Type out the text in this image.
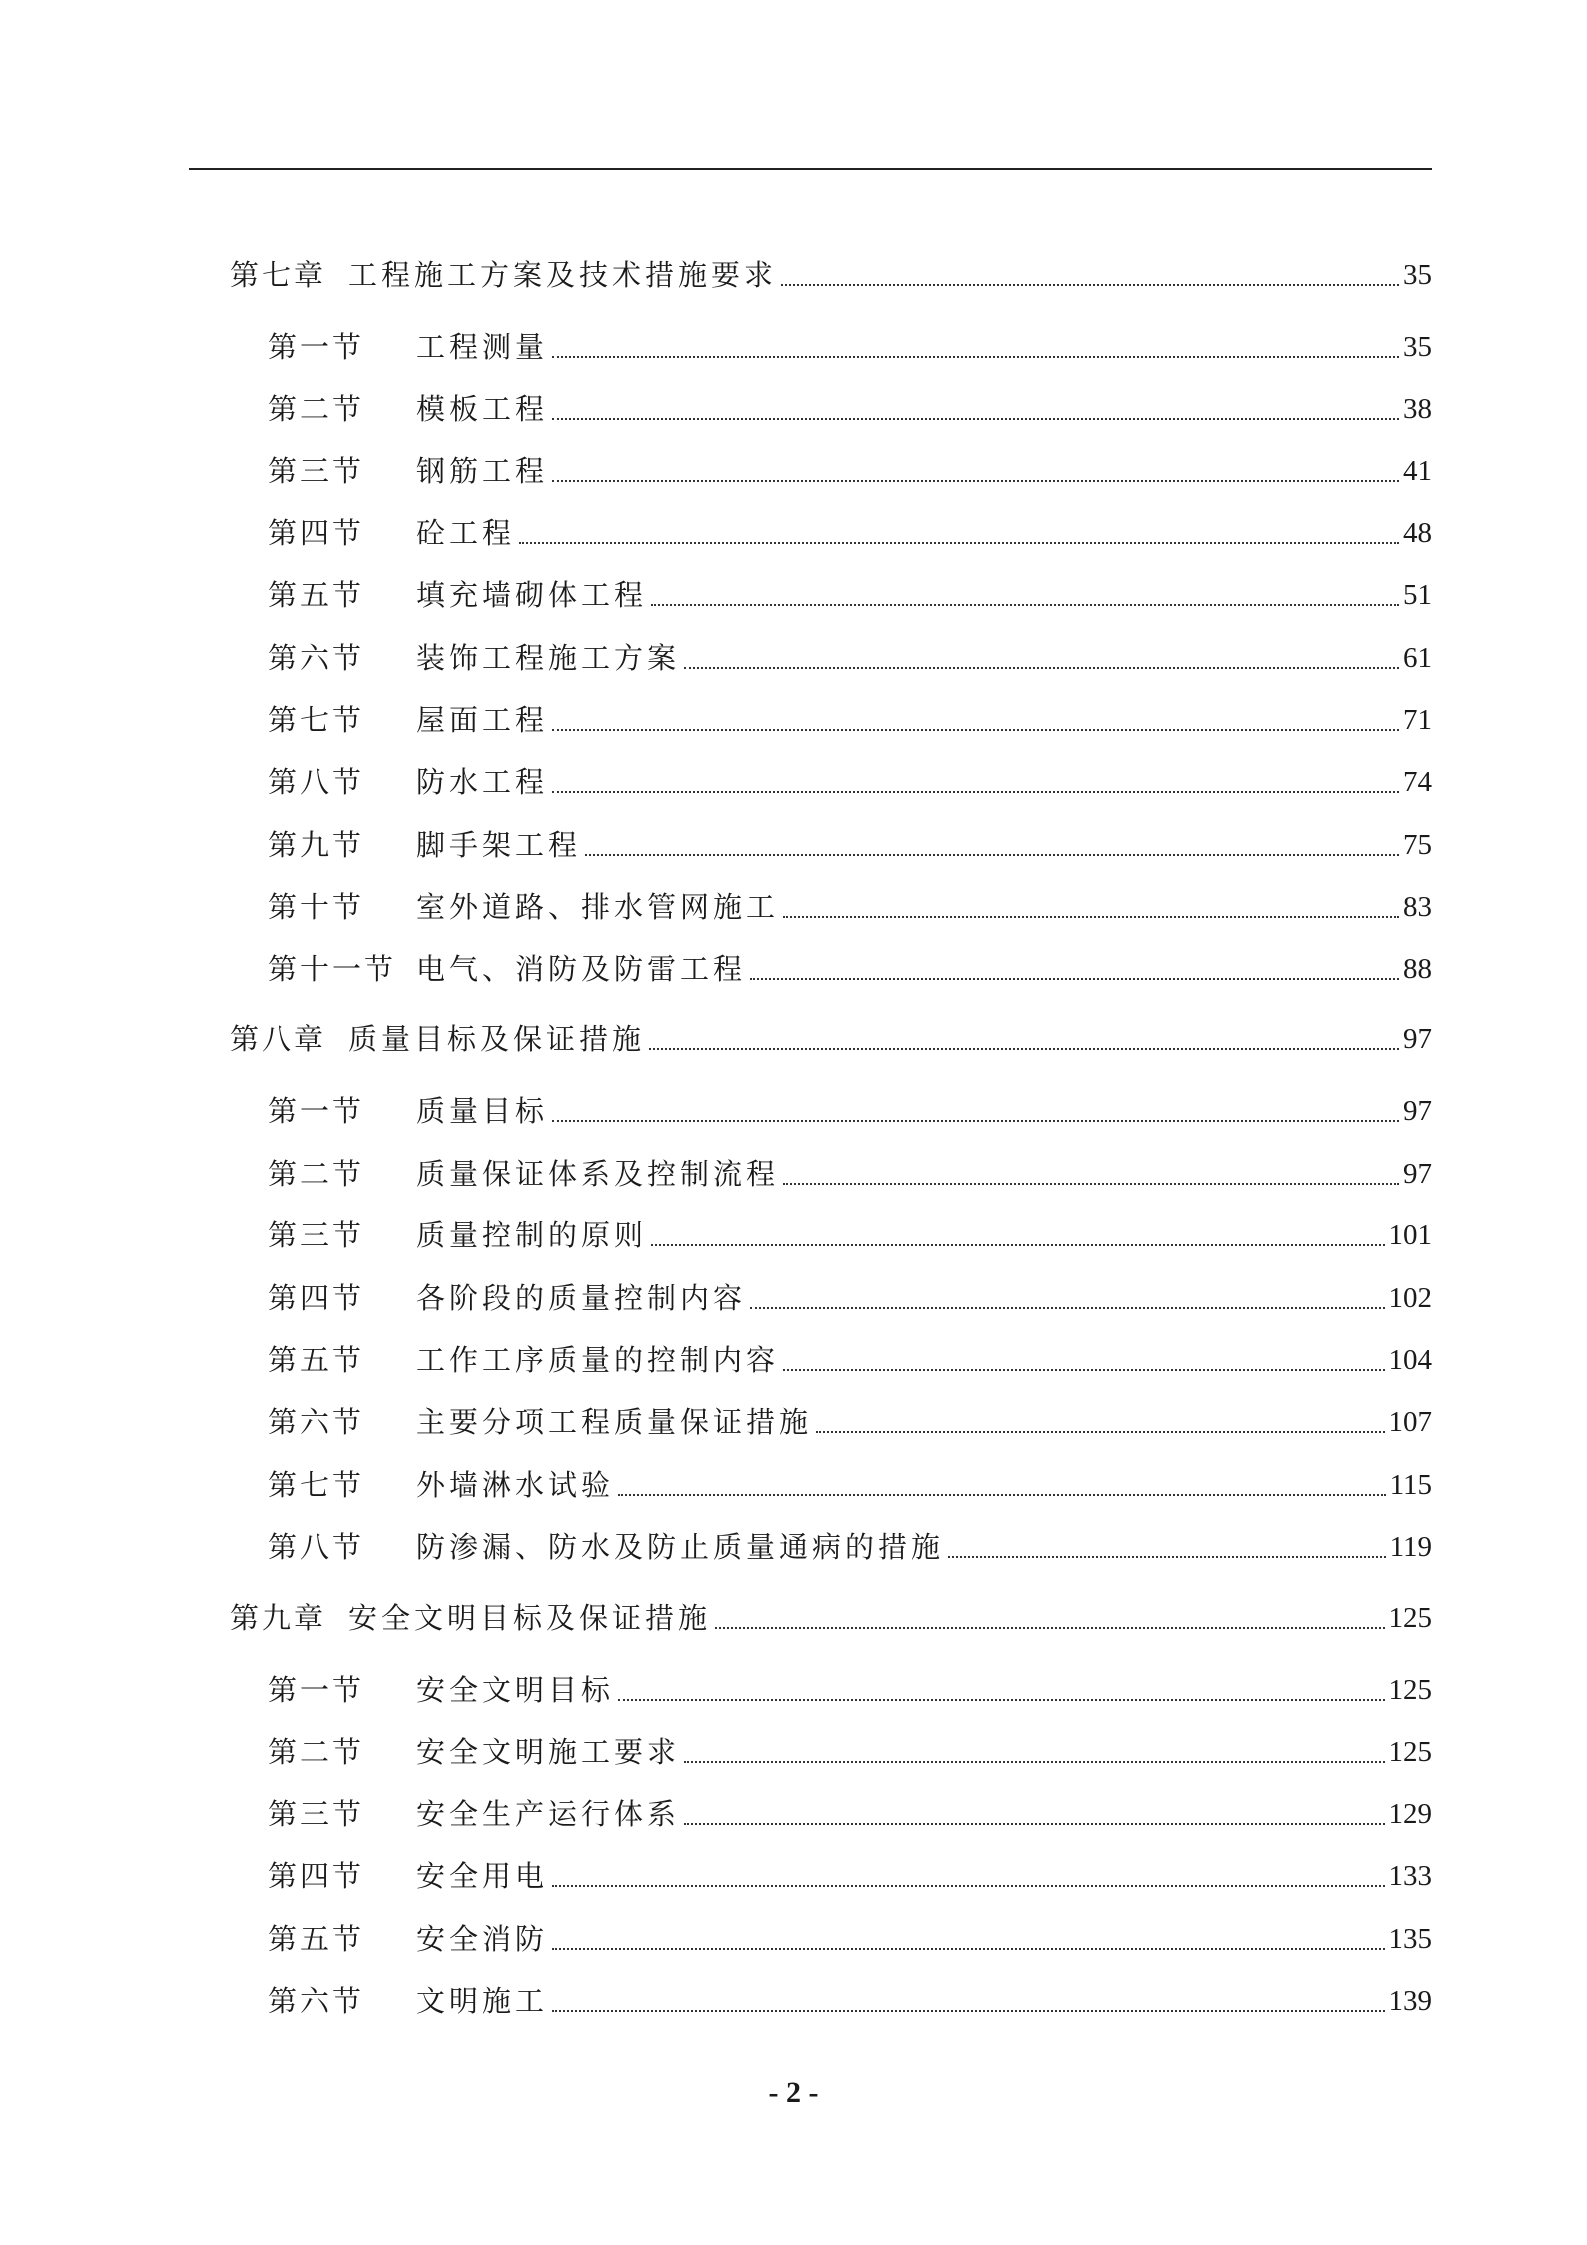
第七章 工程施工方案及技术措施要求	35
第一节	工程测量	35
第二节	模板工程	38
第三节	钢筋工程	41
第四节	砼工程	48
第五节	填充墙砌体工程	51
第六节	装饰工程施工方案	61
第七节	屋面工程	71
第八节	防水工程	74
第九节	脚手架工程	75
第十节	室外道路、排水管网施工	83
第十一节 电气、消防及防雷工程	88
第八章 质量目标及保证措施	97
第一节	质量目标	97
第二节	质量保证体系及控制流程	97
第三节	质量控制的原则	101
第四节	各阶段的质量控制内容	102
第五节	工作工序质量的控制内容	104
第六节	主要分项工程质量保证措施	107
第七节	外墙淋水试验	115
第八节	防渗漏、防水及防止质量通病的措施	119
第九章 安全文明目标及保证措施	125
第一节	安全文明目标	125
第二节	安全文明施工要求	125
第三节	安全生产运行体系	129
第四节	安全用电	133
第五节	安全消防	135
第六节	文明施工	139
- 2 -
